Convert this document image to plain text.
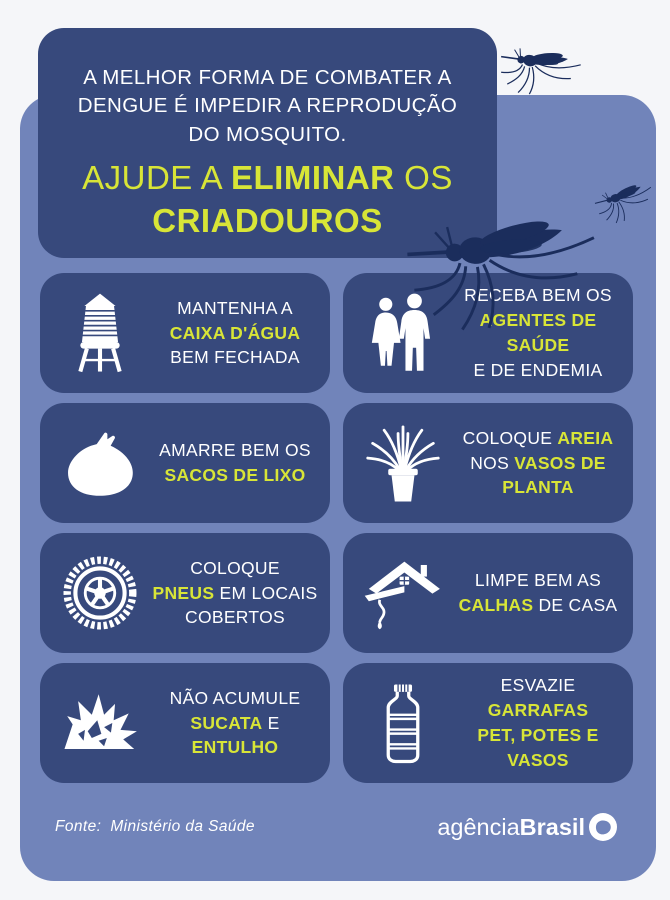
A MELHOR FORMA DE COMBATER A
DENGUE É IMPEDIR A REPRODUÇÃO
DO MOSQUITO.

AJUDE A ELIMINAR OS
CRIADOUROS

MANTENHA A
CAIXA D'ÁGUA
BEM FECHADA
RECEBA BEM OS
AGENTES DE SAÚDE
E DE ENDEMIA
AMARRE BEM OS
SACOS DE LIXO
COLOQUE AREIA
NOS VASOS DE
PLANTA
COLOQUE
PNEUS EM LOCAIS
COBERTOS
LIMPE BEM AS
CALHAS DE CASA
NÃO ACUMULE
SUCATA E ENTULHO
ESVAZIE GARRAFAS
PET, POTES E VASOS

Fonte: Ministério da Saúde	agência Brasil
